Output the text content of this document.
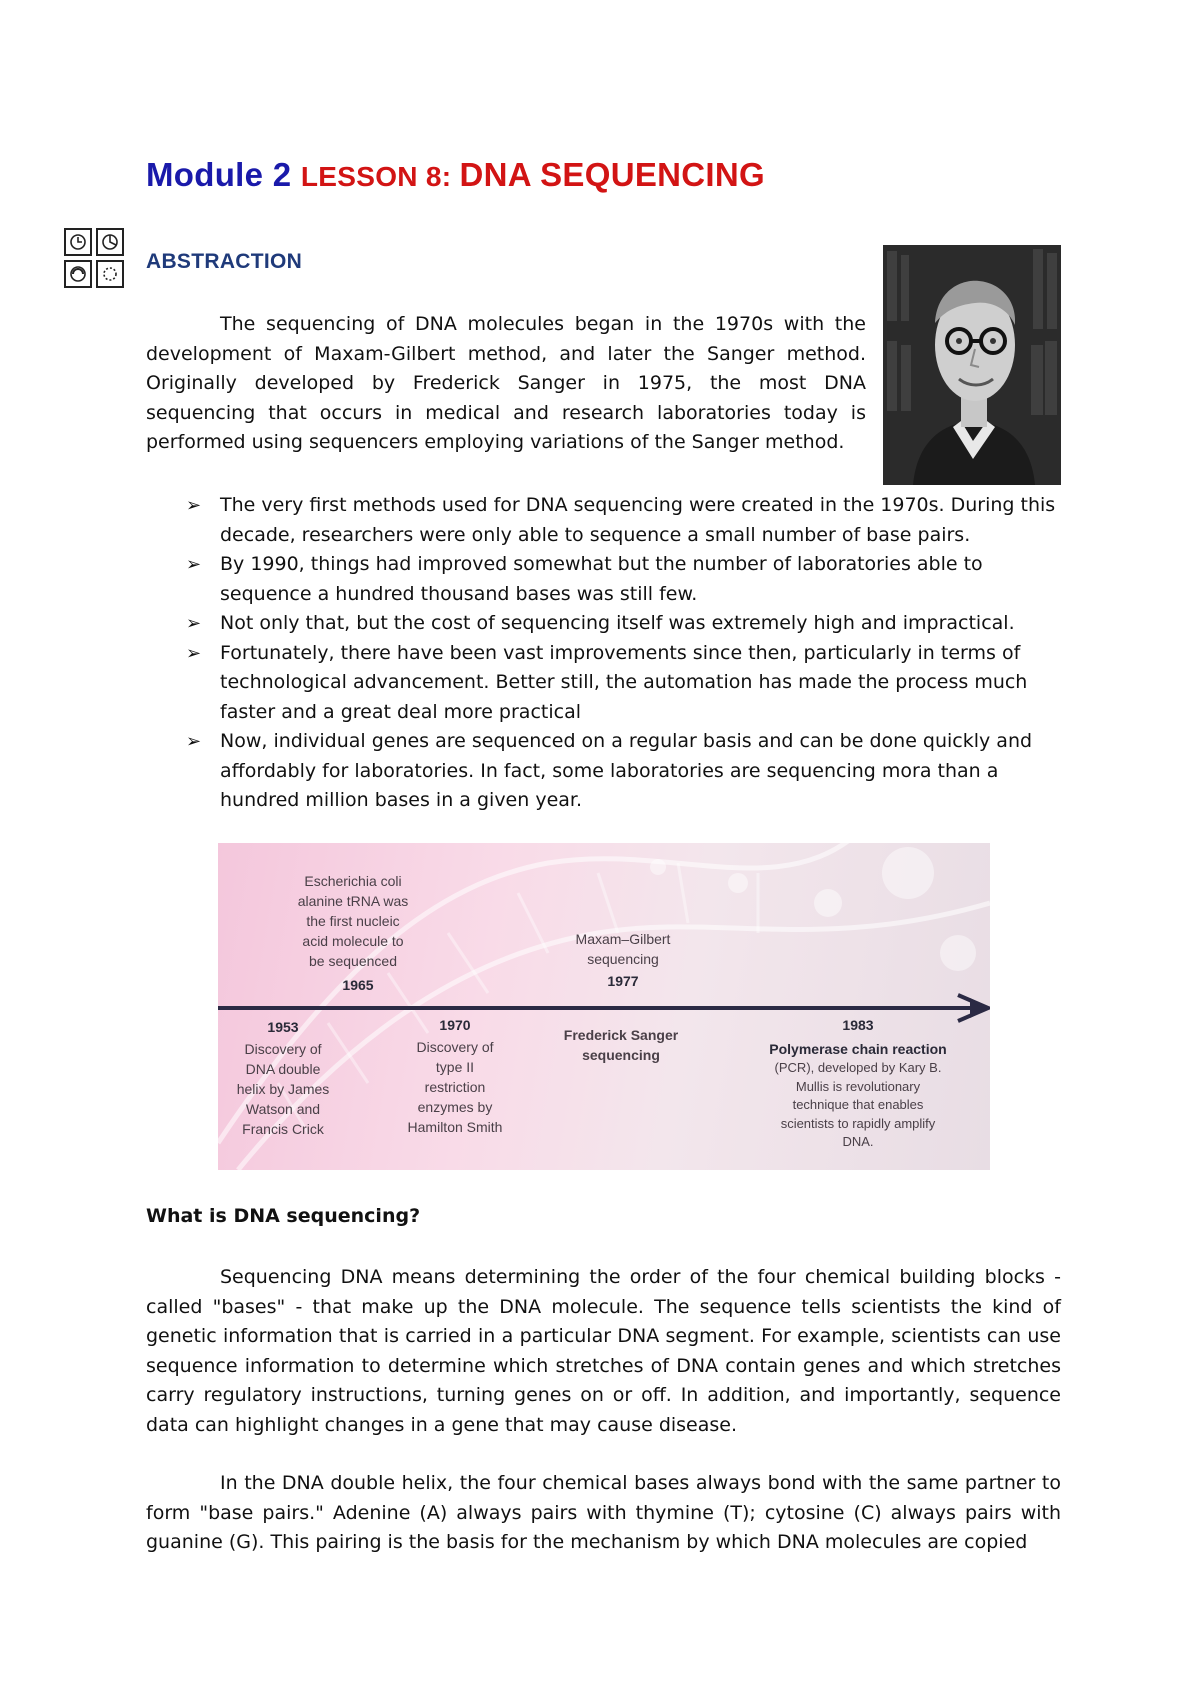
Module 2 LESSON 8: DNA SEQUENCING
ABSTRACTION

The sequencing of DNA molecules began in the 1970s with the development of Maxam-Gilbert method, and later the Sanger method. Originally developed by Frederick Sanger in 1975, the most DNA sequencing that occurs in medical and research laboratories today is performed using sequencers employing variations of the Sanger method.

➢ The very first methods used for DNA sequencing were created in the 1970s. During this decade, researchers were only able to sequence a small number of base pairs.
➢ By 1990, things had improved somewhat but the number of laboratories able to sequence a hundred thousand bases was still few.
➢ Not only that, but the cost of sequencing itself was extremely high and impractical.
➢ Fortunately, there have been vast improvements since then, particularly in terms of technological advancement. Better still, the automation has made the process much faster and a great deal more practical
➢ Now, individual genes are sequenced on a regular basis and can be done quickly and affordably for laboratories. In fact, some laboratories are sequencing mora than a hundred million bases in a given year.
Escherichia coli
alanine tRNA was
the first nucleic
acid molecule to
be sequenced
1965
Maxam–Gilbert
sequencing
1977
1953
Discovery of
DNA double
helix by James
Watson and
Francis Crick
1970
Discovery of
type II
restriction
enzymes by
Hamilton Smith
Frederick Sanger
sequencing
1983
Polymerase chain reaction
(PCR), developed by Kary B.
Mullis is revolutionary
technique that enables
scientists to rapidly amplify
DNA.
What is DNA sequencing?

Sequencing DNA means determining the order of the four chemical building blocks - called "bases" - that make up the DNA molecule. The sequence tells scientists the kind of genetic information that is carried in a particular DNA segment. For example, scientists can use sequence information to determine which stretches of DNA contain genes and which stretches carry regulatory instructions, turning genes on or off. In addition, and importantly, sequence data can highlight changes in a gene that may cause disease.

In the DNA double helix, the four chemical bases always bond with the same partner to form "base pairs." Adenine (A) always pairs with thymine (T); cytosine (C) always pairs with guanine (G). This pairing is the basis for the mechanism by which DNA molecules are copied
